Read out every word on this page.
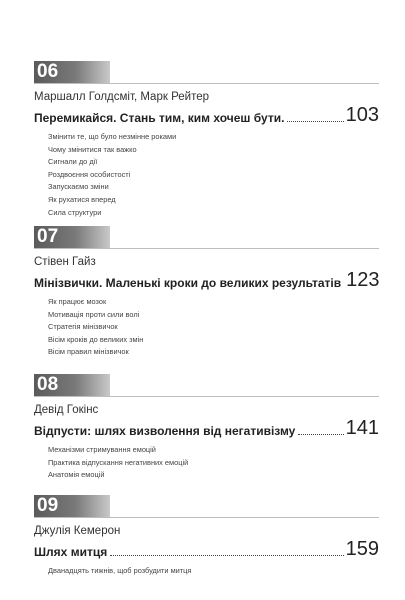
06
Маршалл Голдсміт, Марк Рейтер
Перемикайся. Стань тим, ким хочеш бути.	103
Змінити те, що було незмінне роками
Чому змінитися так важко
Сигнали до дії
Роздвоєння особистості
Запускаємо зміни
Як рухатися вперед
Сила структури
07
Стівен Гайз
Мінізвички. Маленькі кроки до великих результатів 123
Як працює мозок
Мотивація проти сили волі
Стратегія мінізвичок
Вісім кроків до великих змін
Вісім правил мінізвичок
08
Девід Гокінс
Відпусти: шлях визволення від негативізму	141
Механізми стримування емоцій
Практика відпускання негативних емоцій
Анатомія емоцій
09
Джулія Кемерон
Шлях митця	159
Дванадцять тижнів, щоб розбудити митця
